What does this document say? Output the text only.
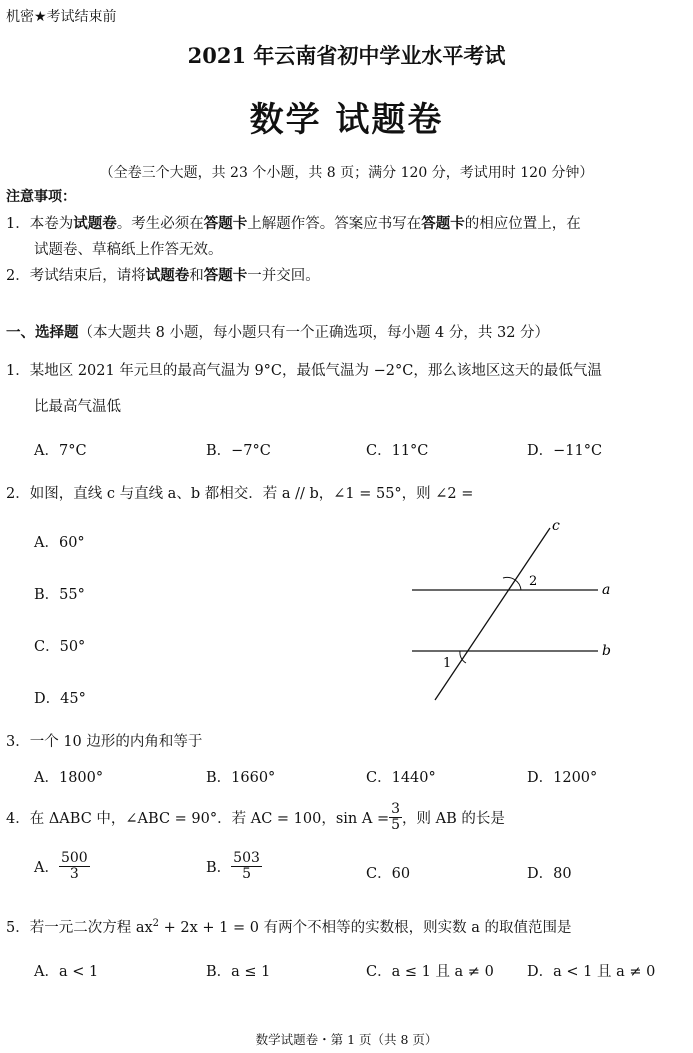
机密★考试结束前
2021 年云南省初中学业水平考试
数学 试题卷
（全卷三个大题，共 23 个小题，共 8 页；满分 120 分，考试用时 120 分钟）
注意事项：
1．本卷为试题卷。考生必须在答题卡上解题作答。答案应书写在答题卡的相应位置上，在
试题卷、草稿纸上作答无效。
2．考试结束后，请将试题卷和答题卡一并交回。
一、选择题（本大题共 8 小题，每小题只有一个正确选项，每小题 4 分，共 32 分）
1．某地区 2021 年元旦的最高气温为 9°C，最低气温为 −2°C，那么该地区这天的最低气温
比最高气温低
A．7°C	B．−7°C	C．11°C	D．−11°C
2．如图，直线 c 与直线 a、b 都相交．若 a // b，∠1 = 55°，则 ∠2 =
A．60°
B．55°
C．50°
D．45°
c
a
b
2
1
3．一个 10 边形的内角和等于
A．1800°	B．1660°	C．1440°	D．1200°
4．在 ΔABC 中，∠ABC = 90°．若 AC = 100，$\sin A = \frac{3}{5}$ ，则 AB 的长是
A． $\frac{500}{3}$	B． $\frac{503}{5}$	C．60	D．80
5．若一元二次方程 $ax^2 + 2x + 1 = 0$ 有两个不相等的实数根，则实数 a 的取值范围是
A．a < 1	B．a ≤ 1	C．a ≤ 1 且 a ≠ 0 D．a < 1 且 a ≠ 0
数学试题卷・第 1 页（共 8 页）
